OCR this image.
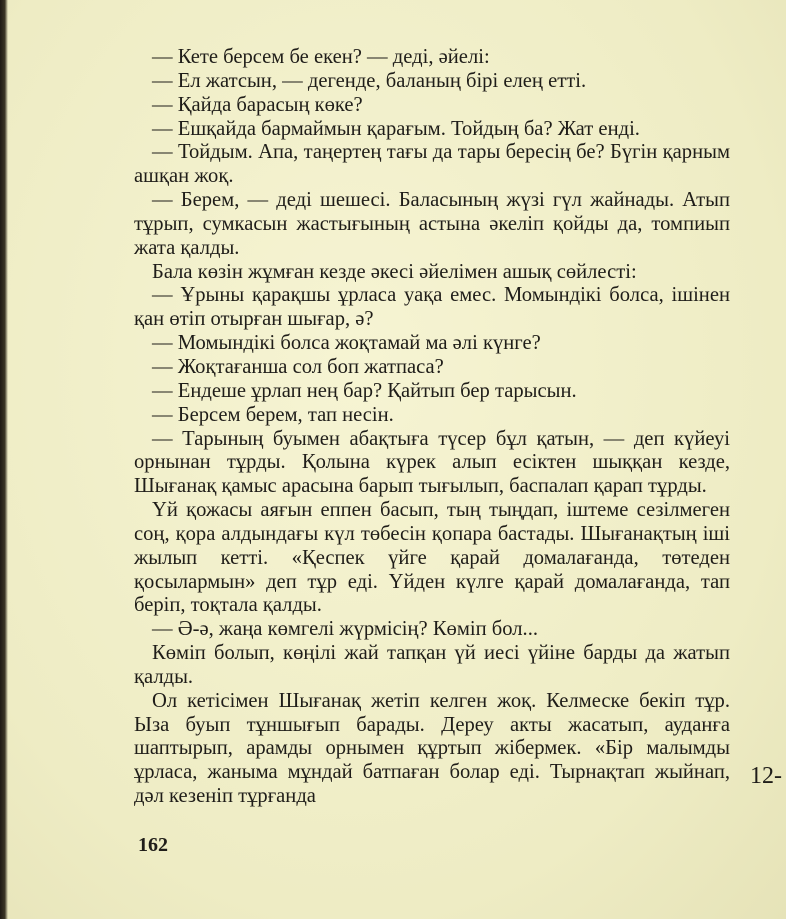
— Кете берсем бе екен? — деді, әйелі:

— Ел жатсын, — дегенде, баланың бірі елең етті.

— Қайда барасың көке?

— Ешқайда бармаймын қарағым. Тойдың ба? Жат енді.

— Тойдым. Апа, таңертең тағы да тары бересің бе? Бүгін қарным ашқан жоқ.

— Берем, — деді шешесі. Баласының жүзі гүл жайнады. Атып тұрып, сумкасын жастығының астына әкеліп қойды да, томпиып жата қалды.

Бала көзін жұмған кезде әкесі әйелімен ашық сөйлесті:

— Ұрыны қарақшы ұрласа уақа емес. Момындікі болса, ішінен қан өтіп отырған шығар, ә?

— Момындікі болса жоқтамай ма әлі күнге?

— Жоқтағанша сол боп жатпаса?

— Ендеше ұрлап нең бар? Қайтып бер тарысын.

— Берсем берем, тап несін.

— Тарының буымен абақтыға түсер бұл қатын, — деп күйеуі орнынан тұрды. Қолына күрек алып есіктен шыққан кезде, Шығанақ қамыс арасына барып тығылып, баспалап қарап тұрды.

Үй қожасы аяғын еппен басып, тың тыңдап, іштеме сезілмеген соң, қора алдындағы күл төбесін қопара бастады. Шығанақтың іші жылып кетті. «Қеспек үйге қарай домалағанда, төтеден қосылармын» деп тұр еді. Үйден күлге қарай домалағанда, тап беріп, тоқтала қалды.

— Ә-ә, жаңа көмгелі жүрмісің? Көміп бол...

Көміп болып, көңілі жай тапқан үй иесі үйіне барды да жатып қалды.

Ол кетісімен Шығанақ жетіп келген жоқ. Келмеске бекіп тұр. Ыза буып тұншығып барады. Дереу акты жасатып, ауданға шаптырып, арамды орнымен құртып жібермек. «Бір малымды ұрласа, жаныма мұндай батпаған болар еді. Тырнақтап жыйнап, дәл кезеніп тұрғанда

162
12-
